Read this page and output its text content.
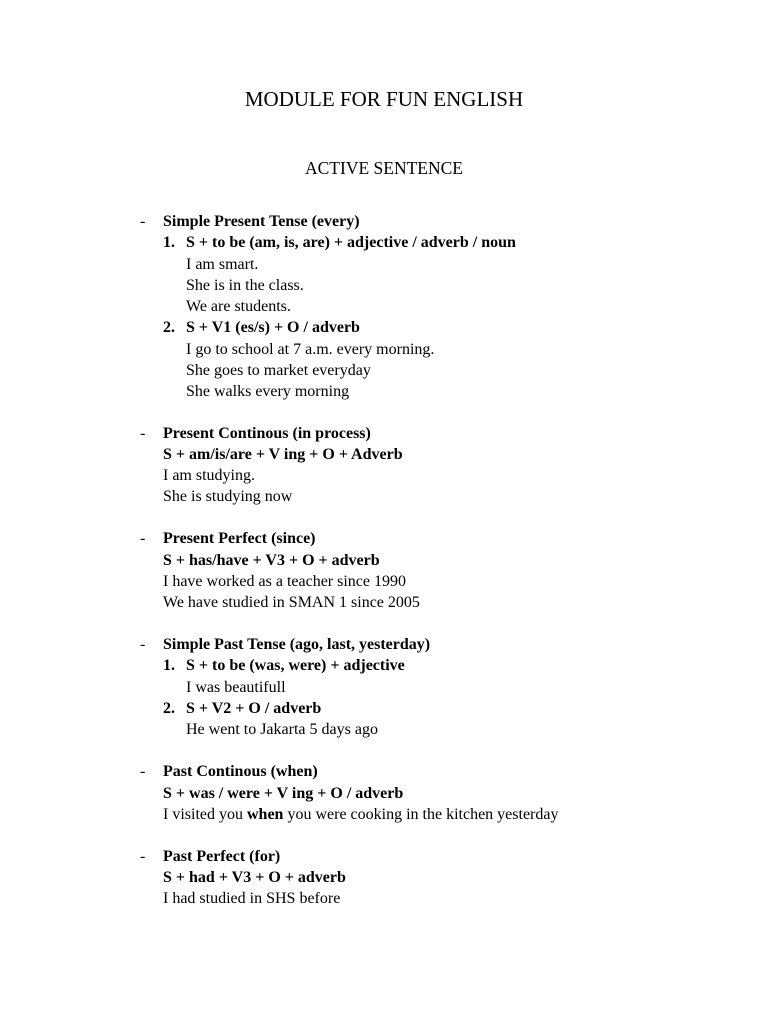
MODULE FOR FUN ENGLISH
ACTIVE SENTENCE
- Simple Present Tense (every)
1. S + to be (am, is, are) + adjective / adverb / noun
I am smart.
She is in the class.
We are students.
2. S + V1 (es/s) + O / adverb
I go to school at 7 a.m. every morning.
She goes to market everyday
She walks every morning
- Present Continous (in process)
S + am/is/are + V ing + O + Adverb
I am studying.
She is studying now
- Present Perfect (since)
S + has/have + V3 + O + adverb
I have worked as a teacher since 1990
We have studied in SMAN 1 since 2005
- Simple Past Tense (ago, last, yesterday)
1. S + to be (was, were) + adjective
I was beautifull
2. S + V2 + O / adverb
He went to Jakarta 5 days ago
- Past Continous (when)
S + was / were + V ing + O / adverb
I visited you when you were cooking in the kitchen yesterday
- Past Perfect (for)
S + had + V3 + O + adverb
I had studied in SHS before
